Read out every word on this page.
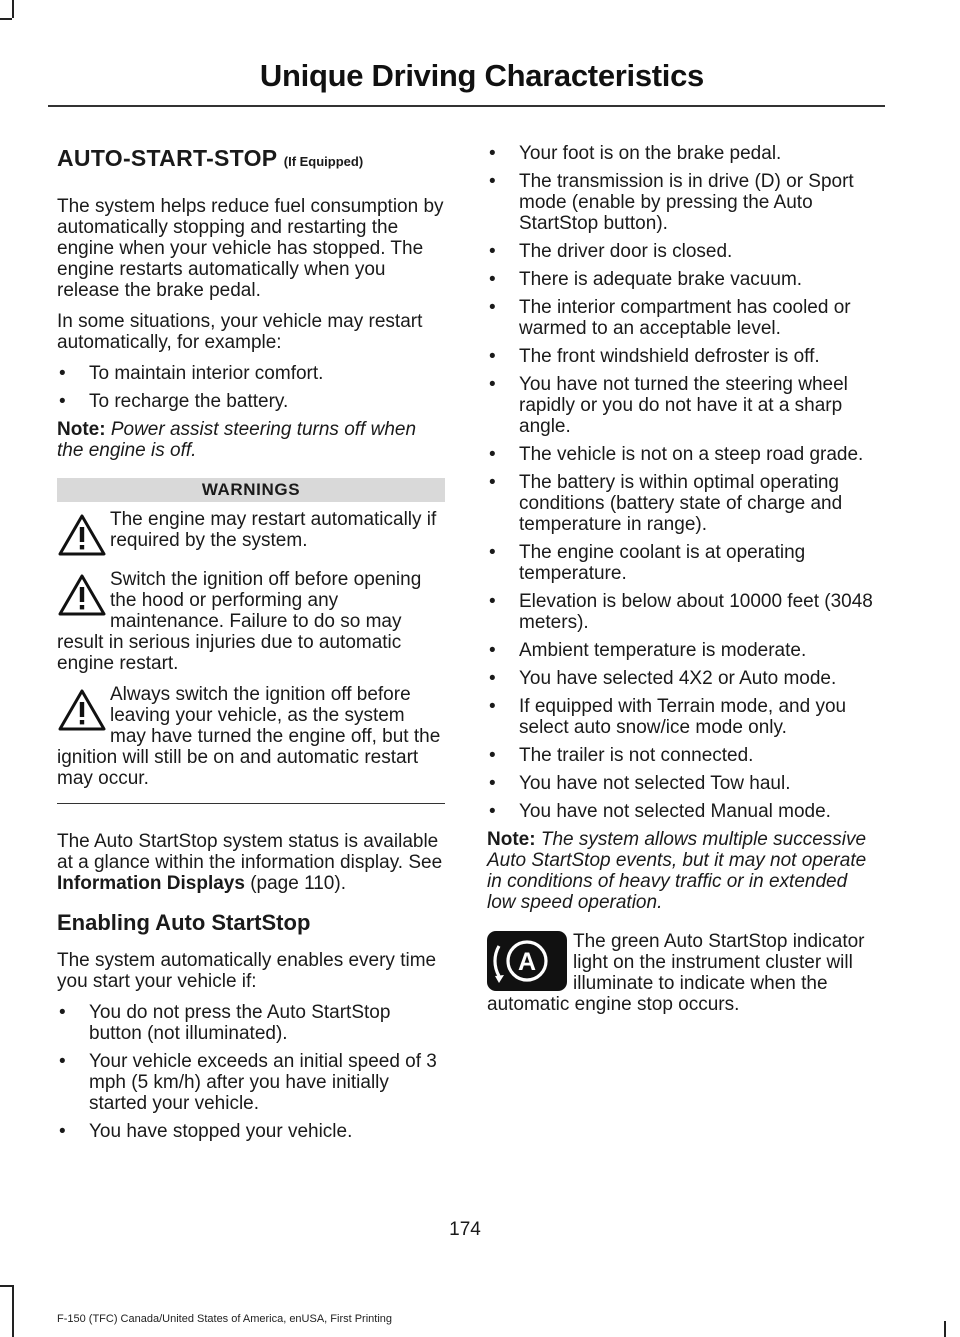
Unique Driving Characteristics
AUTO-START-STOP (If Equipped)

The system helps reduce fuel consumption by automatically stopping and restarting the engine when your vehicle has stopped. The engine restarts automatically when you release the brake pedal.

In some situations, your vehicle may restart automatically, for example:

• To maintain interior comfort.
• To recharge the battery.

Note: Power assist steering turns off when the engine is off.

WARNINGS
The engine may restart automatically if required by the system.
Switch the ignition off before opening the hood or performing any maintenance. Failure to do so may result in serious injuries due to automatic engine restart.
Always switch the ignition off before leaving your vehicle, as the system may have turned the engine off, but the ignition will still be on and automatic restart may occur.

The Auto StartStop system status is available at a glance within the information display. See Information Displays (page 110).

Enabling Auto StartStop

The system automatically enables every time you start your vehicle if:

• You do not press the Auto StartStop button (not illuminated).
• Your vehicle exceeds an initial speed of 3 mph (5 km/h) after you have initially started your vehicle.
• You have stopped your vehicle.
• Your foot is on the brake pedal.
• The transmission is in drive (D) or Sport mode (enable by pressing the Auto StartStop button).
• The driver door is closed.
• There is adequate brake vacuum.
• The interior compartment has cooled or warmed to an acceptable level.
• The front windshield defroster is off.
• You have not turned the steering wheel rapidly or you do not have it at a sharp angle.
• The vehicle is not on a steep road grade.
• The battery is within optimal operating conditions (battery state of charge and temperature in range).
• The engine coolant is at operating temperature.
• Elevation is below about 10000 feet (3048 meters).
• Ambient temperature is moderate.
• You have selected 4X2 or Auto mode.
• If equipped with Terrain mode, and you select auto snow/ice mode only.
• The trailer is not connected.
• You have not selected Tow haul.
• You have not selected Manual mode.

Note: The system allows multiple successive Auto StartStop events, but it may not operate in conditions of heavy traffic or in extended low speed operation.

A
The green Auto StartStop indicator light on the instrument cluster will illuminate to indicate when the automatic engine stop occurs.
174
F-150 (TFC) Canada/United States of America, enUSA, First Printing
